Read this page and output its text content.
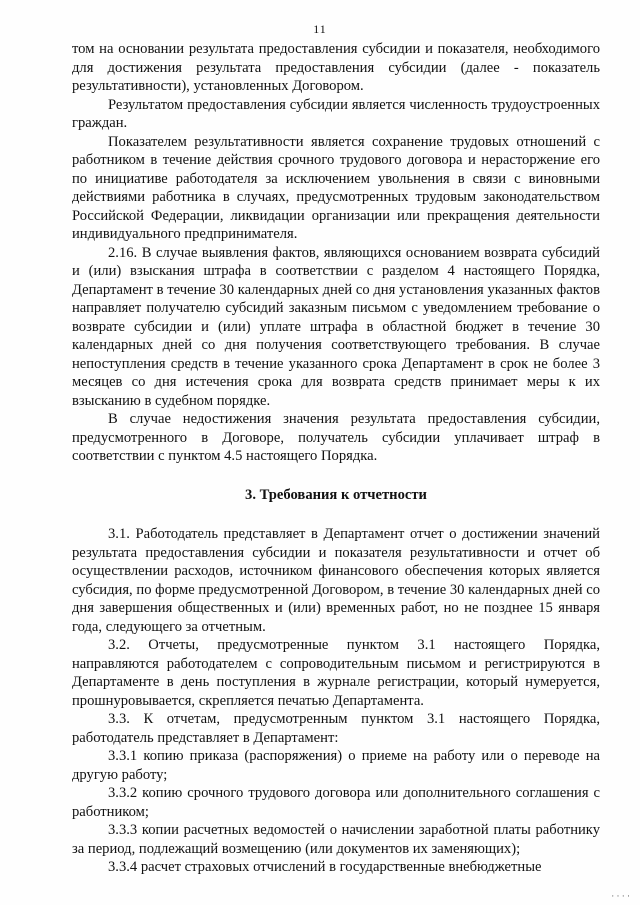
11

том на основании результата предоставления субсидии и показателя, необходимого для достижения результата предоставления субсидии (далее - показатель результативности), установленных Договором.

Результатом предоставления субсидии является численность трудоустроенных граждан.

Показателем результативности является сохранение трудовых отношений с работником в течение действия срочного трудового договора и нерасторжение его по инициативе работодателя за исключением увольнения в связи с виновными действиями работника в случаях, предусмотренных трудовым законодательством Российской Федерации, ликвидации организации или прекращения деятельности индивидуального предпринимателя.

2.16. В случае выявления фактов, являющихся основанием возврата субсидий и (или) взыскания штрафа в соответствии с разделом 4 настоящего Порядка, Департамент в течение 30 календарных дней со дня установления указанных фактов направляет получателю субсидий заказным письмом с уведомлением требование о возврате субсидии и (или) уплате штрафа в областной бюджет в течение 30 календарных дней со дня получения соответствующего требования. В случае непоступления средств в течение указанного срока Департамент в срок не более 3 месяцев со дня истечения срока для возврата средств принимает меры к их взысканию в судебном порядке.

В случае недостижения значения результата предоставления субсидии, предусмотренного в Договоре, получатель субсидии уплачивает штраф в соответствии с пунктом 4.5 настоящего Порядка.

3. Требования к отчетности

3.1. Работодатель представляет в Департамент отчет о достижении значений результата предоставления субсидии и показателя результативности и отчет об осуществлении расходов, источником финансового обеспечения которых является субсидия, по форме предусмотренной Договором, в течение 30 календарных дней со дня завершения общественных и (или) временных работ, но не позднее 15 января года, следующего за отчетным.

3.2. Отчеты, предусмотренные пунктом 3.1 настоящего Порядка, направляются работодателем с сопроводительным письмом и регистрируются в Департаменте в день поступления в журнале регистрации, который нумеруется, прошнуровывается, скрепляется печатью Департамента.

3.3. К отчетам, предусмотренным пунктом 3.1 настоящего Порядка, работодатель представляет в Департамент:

3.3.1 копию приказа (распоряжения) о приеме на работу или о переводе на другую работу;

3.3.2 копию срочного трудового договора или дополнительного соглашения с работником;

3.3.3 копии расчетных ведомостей о начислении заработной платы работнику за период, подлежащий возмещению (или документов их заменяющих);

3.3.4 расчет страховых отчислений в государственные внебюджетные

· · · ·
